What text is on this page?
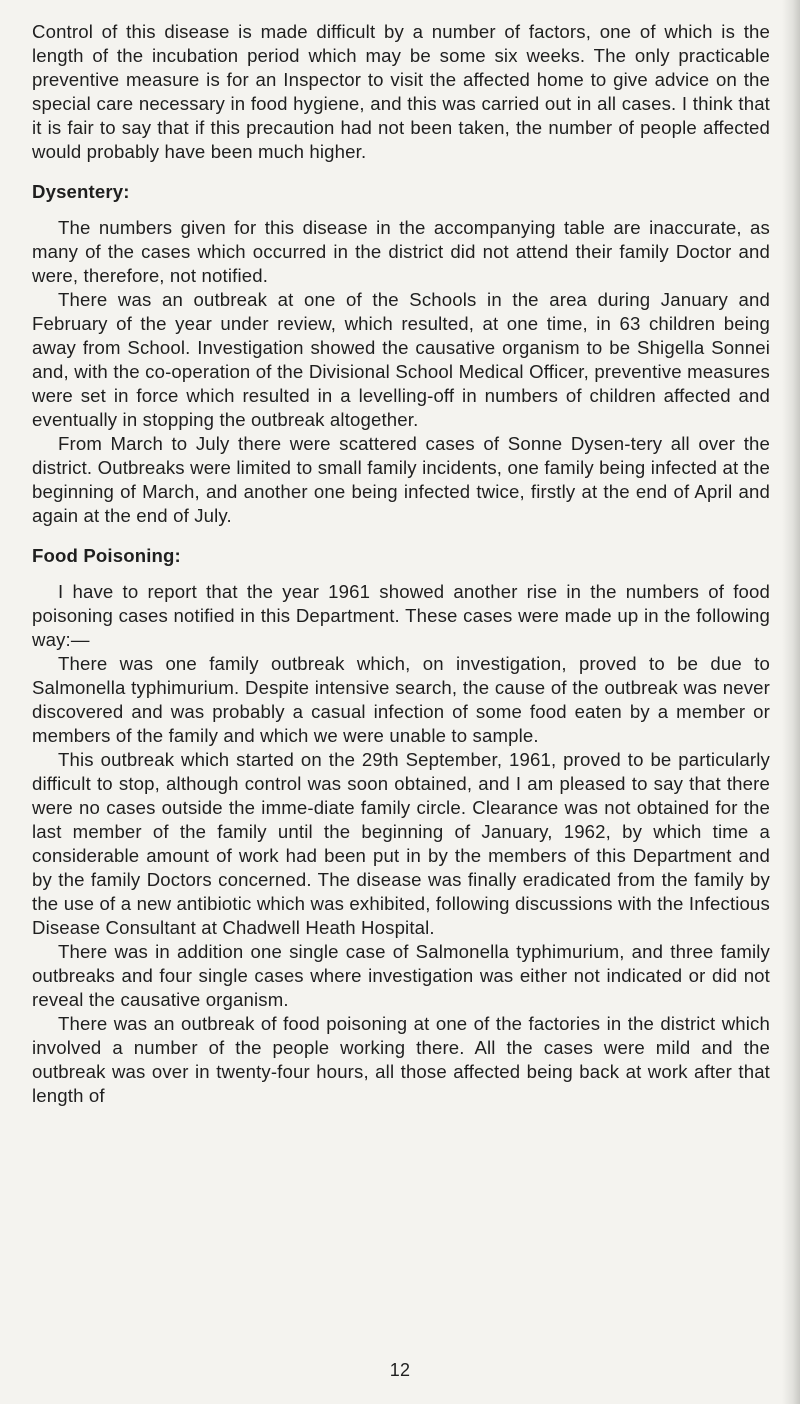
Control of this disease is made difficult by a number of factors, one of which is the length of the incubation period which may be some six weeks. The only practicable preventive measure is for an Inspector to visit the affected home to give advice on the special care necessary in food hygiene, and this was carried out in all cases. I think that it is fair to say that if this precaution had not been taken, the number of people affected would probably have been much higher.

Dysentery:

The numbers given for this disease in the accompanying table are inaccurate, as many of the cases which occurred in the district did not attend their family Doctor and were, therefore, not notified.

There was an outbreak at one of the Schools in the area during January and February of the year under review, which resulted, at one time, in 63 children being away from School. Investigation showed the causative organism to be Shigella Sonnei and, with the co-operation of the Divisional School Medical Officer, preventive measures were set in force which resulted in a levelling-off in numbers of children affected and eventually in stopping the outbreak altogether.

From March to July there were scattered cases of Sonne Dysen-tery all over the district. Outbreaks were limited to small family incidents, one family being infected at the beginning of March, and another one being infected twice, firstly at the end of April and again at the end of July.

Food Poisoning:

I have to report that the year 1961 showed another rise in the numbers of food poisoning cases notified in this Department. These cases were made up in the following way:—

There was one family outbreak which, on investigation, proved to be due to Salmonella typhimurium. Despite intensive search, the cause of the outbreak was never discovered and was probably a casual infection of some food eaten by a member or members of the family and which we were unable to sample.

This outbreak which started on the 29th September, 1961, proved to be particularly difficult to stop, although control was soon obtained, and I am pleased to say that there were no cases outside the imme-diate family circle. Clearance was not obtained for the last member of the family until the beginning of January, 1962, by which time a considerable amount of work had been put in by the members of this Department and by the family Doctors concerned. The disease was finally eradicated from the family by the use of a new antibiotic which was exhibited, following discussions with the Infectious Disease Consultant at Chadwell Heath Hospital.

There was in addition one single case of Salmonella typhimurium, and three family outbreaks and four single cases where investigation was either not indicated or did not reveal the causative organism.

There was an outbreak of food poisoning at one of the factories in the district which involved a number of the people working there. All the cases were mild and the outbreak was over in twenty-four hours, all those affected being back at work after that length of

12
